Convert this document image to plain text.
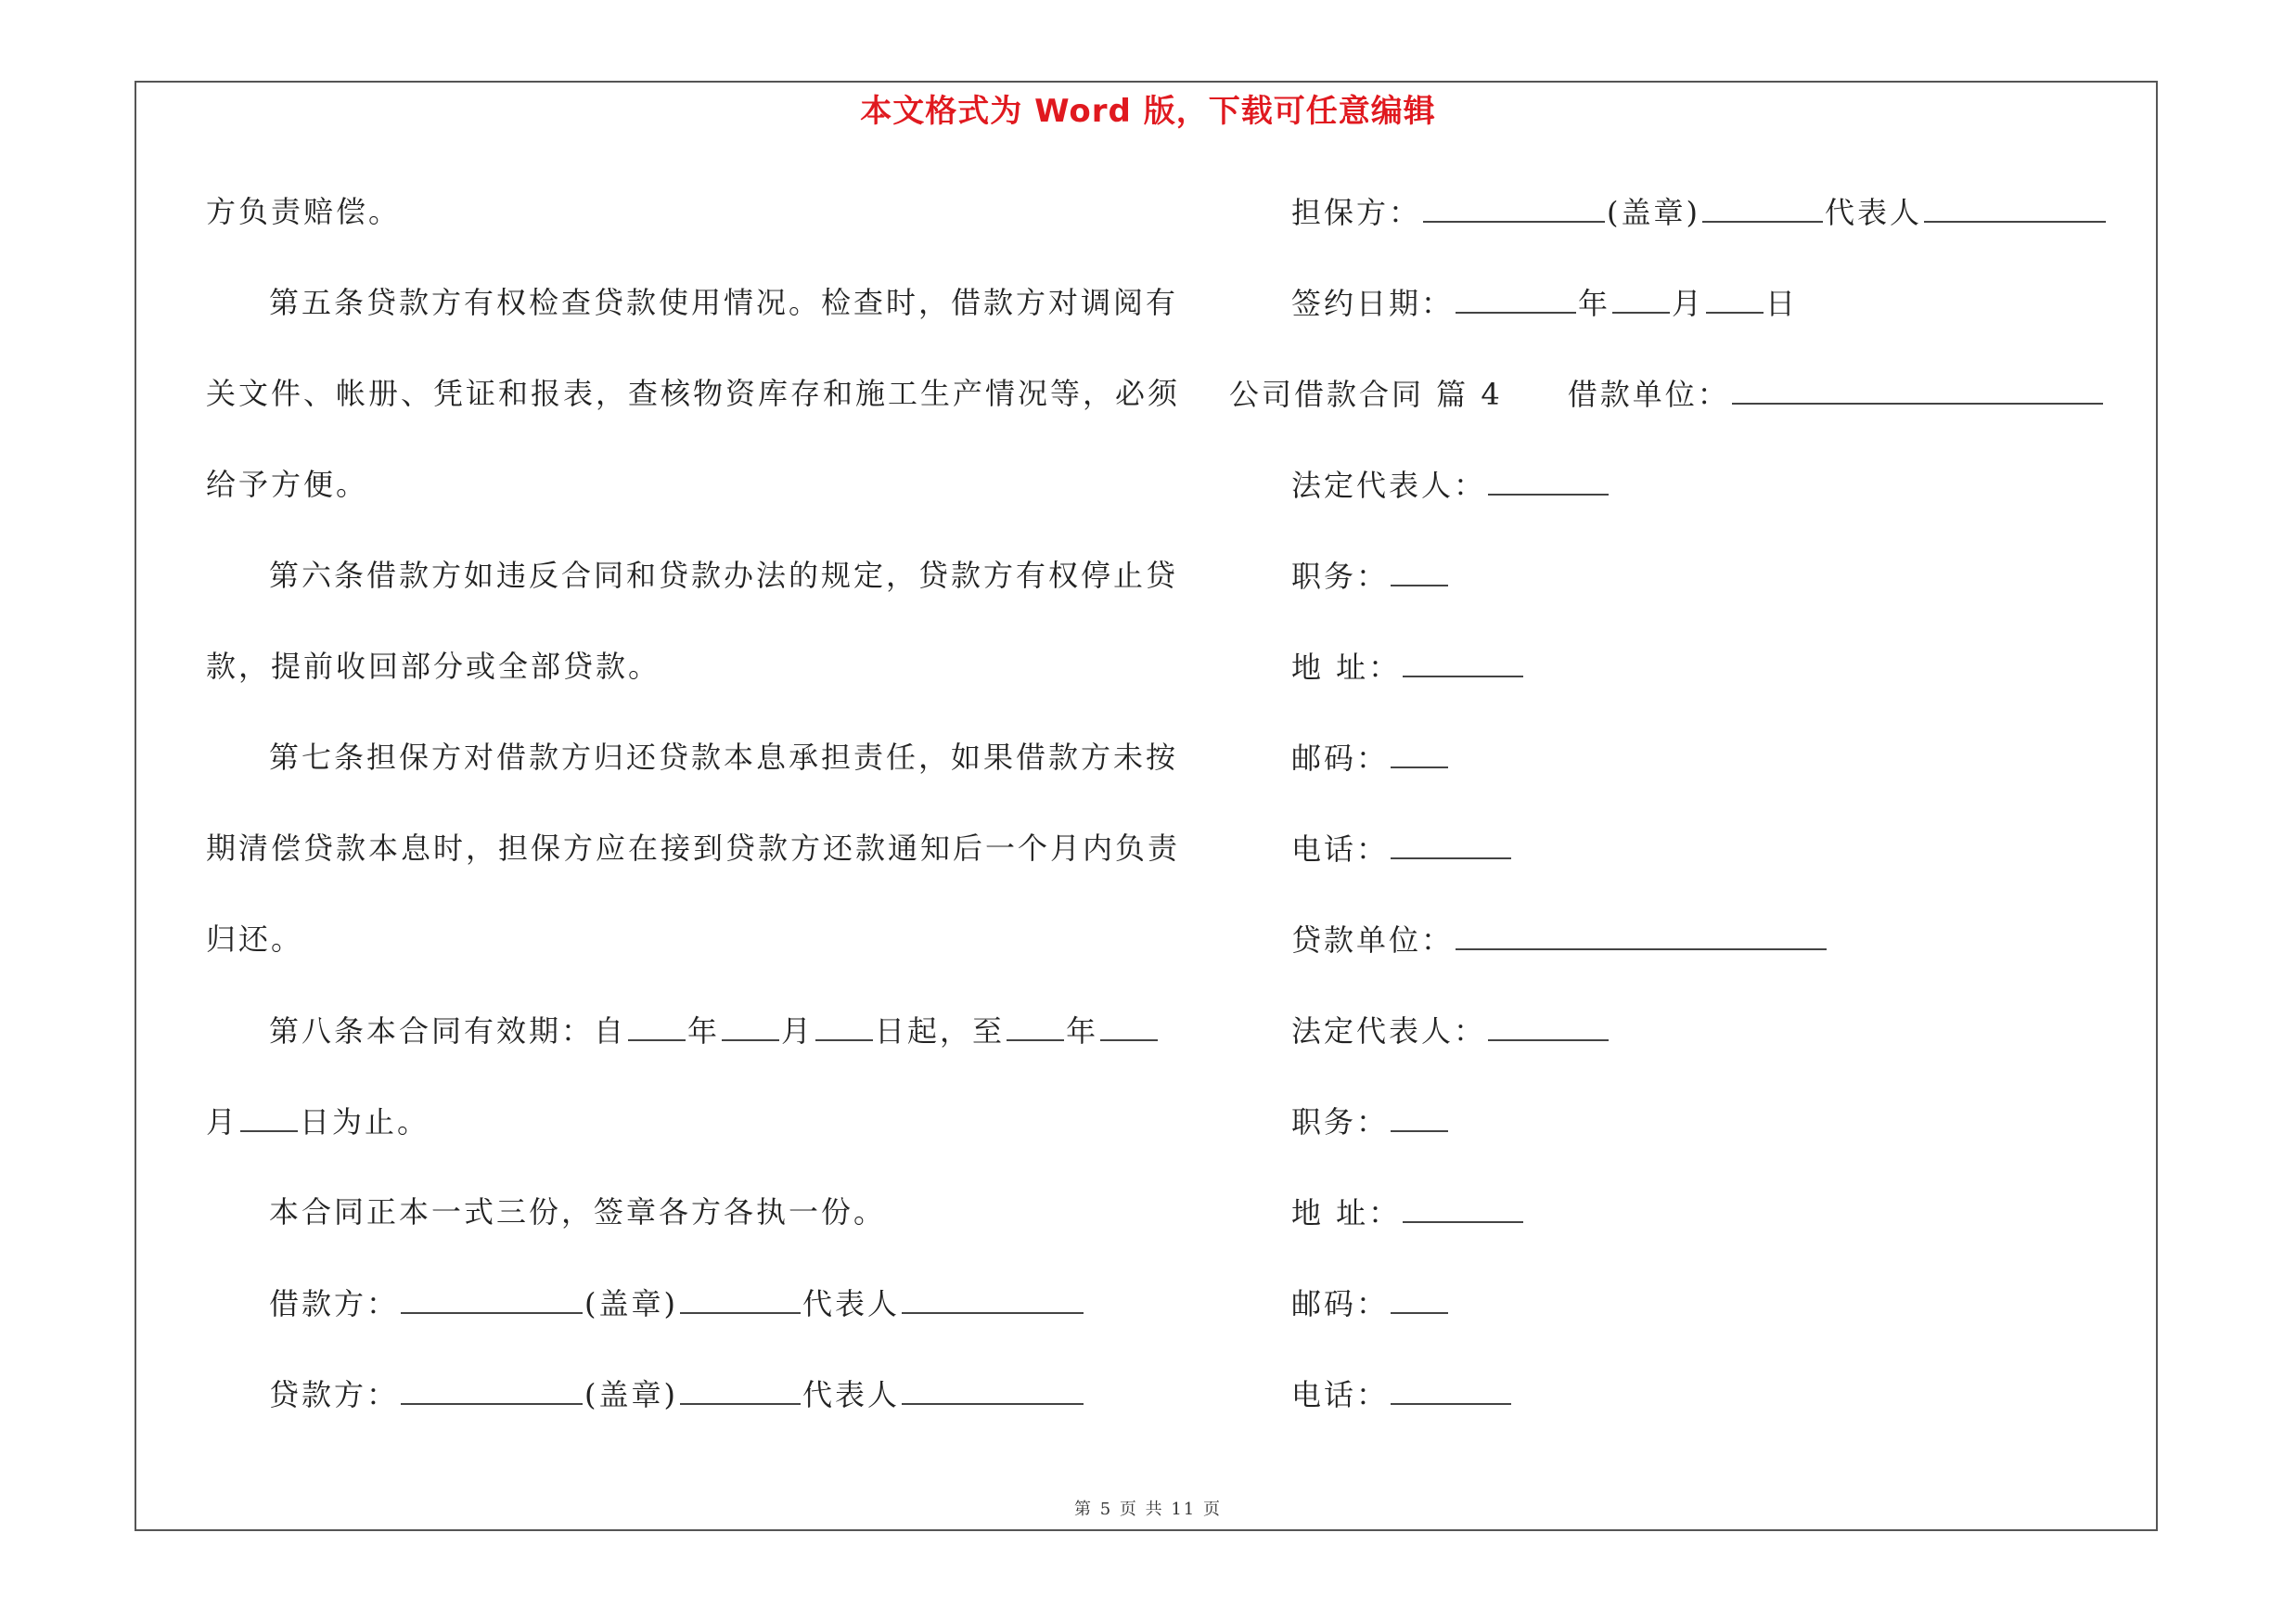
本文格式为 Word 版，下载可任意编辑
方负责赔偿。
第五条贷款方有权检查贷款使用情况。检查时，借款方对调阅有
关文件、帐册、凭证和报表，查核物资库存和施工生产情况等，必须
给予方便。
第六条借款方如违反合同和贷款办法的规定，贷款方有权停止贷
款，提前收回部分或全部贷款。
第七条担保方对借款方归还贷款本息承担责任，如果借款方未按
期清偿贷款本息时，担保方应在接到贷款方还款通知后一个月内负责
归还。
第八条本合同有效期：自 年 月 日起，至 年
月 日为止。
本合同正本一式三份，签章各方各执一份。
借款方：	(盖章)	代表人
贷款方：	(盖章)	代表人
担保方：	(盖章)	代表人
签约日期：	年 月 日
公司借款合同 篇 4 借款单位：
法定代表人：
职务：
地 址：
邮码：
电话：
贷款单位：
法定代表人：
职务：
地 址：
邮码：
电话：
第 5 页 共 11 页
